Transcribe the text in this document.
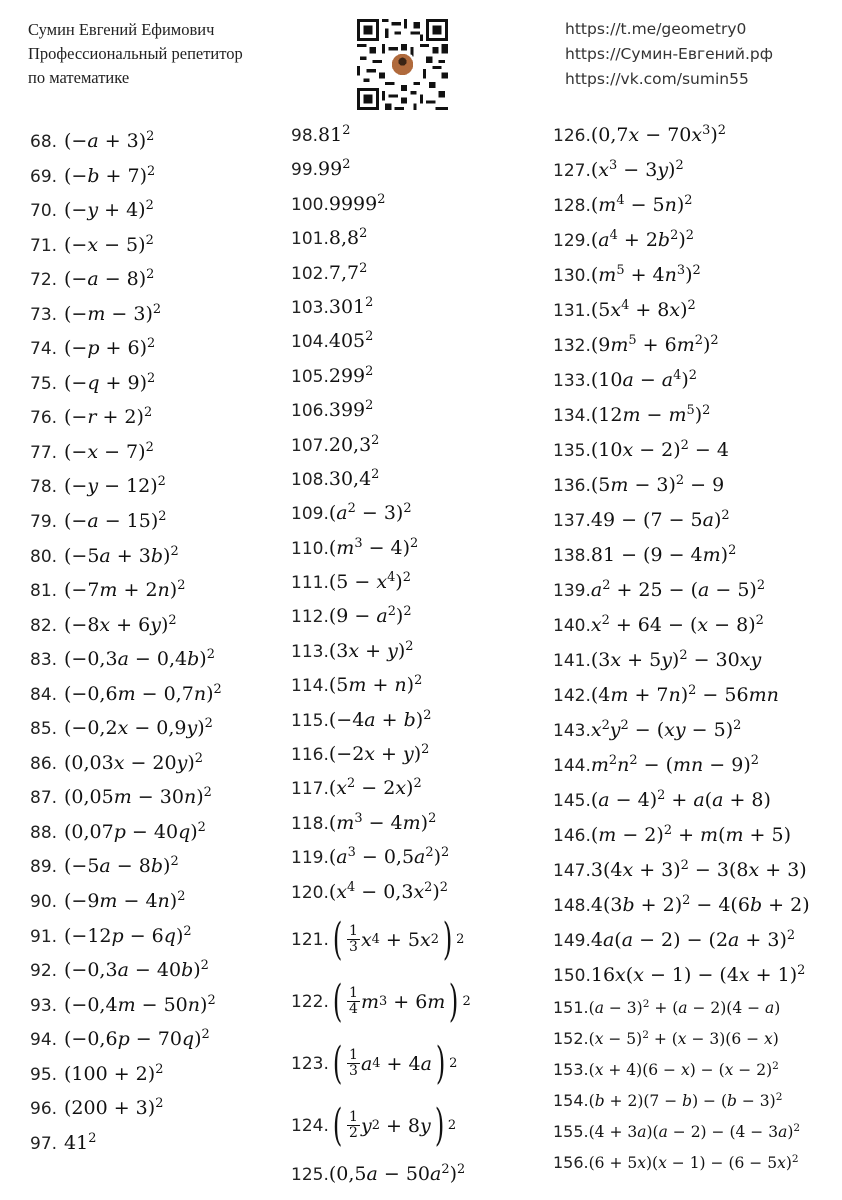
Сумин Евгений Ефимович
Профессиональный репетитор
по математике
https://t.me/geometry0
https://Сумин-Евгений.рф
https://vk.com/sumin55
68. $(-a + 3)^2$
69. $(-b + 7)^2$
70. $(-y + 4)^2$
71. $(-x - 5)^2$
72. $(-a - 8)^2$
73. $(-m - 3)^2$
74. $(-p + 6)^2$
75. $(-q + 9)^2$
76. $(-r + 2)^2$
77. $(-x - 7)^2$
78. $(-y - 12)^2$
79. $(-a - 15)^2$
80. $(-5a + 3b)^2$
81. $(-7m + 2n)^2$
82. $(-8x + 6y)^2$
83. $(-0,3a - 0,4b)^2$
84. $(-0,6m - 0,7n)^2$
85. $(-0,2x - 0,9y)^2$
86. $(0,03x - 20y)^2$
87. $(0,05m - 30n)^2$
88. $(0,07p - 40q)^2$
89. $(-5a - 8b)^2$
90. $(-9m - 4n)^2$
91. $(-12p - 6q)^2$
92. $(-0,3a - 40b)^2$
93. $(-0,4m - 50n)^2$
94. $(-0,6p - 70q)^2$
95. $(100 + 2)^2$
96. $(200 + 3)^2$
97. $41^2$
98. $81^2$
99. $99^2$
100. 9999$^2$
101. $8,8^2$
102. $7,7^2$
103. $301^2$
104. $405^2$
105. $299^2$
106. $399^2$
107. 20,3$^2$
108. 30,4$^2$
109. $(a^2 - 3)^2$
110. $(m^3 - 4)^2$
111. $(5 - x^4)^2$
112. $(9 - a^2)^2$
113. $(3x + y)^2$
114. $(5m + n)^2$
115. $(-4a + b)^2$
116. $(-2x + y)^2$
117. $(x^2 - 2x)^2$
118. $(m^3 - 4m)^2$
119. $(a^3 - 0,5a^2)^2$
120. $(x^4 - 0,3x^2)^2$
121. ( 1
3 x 4 + 5 x 2 ) 2
122. ( 1
4 m 3 + 6 m ) 2
123. ( 1
3 a 4 + 4 a ) 2
124. ( 1
2 y 2 + 8 y ) 2
125. $(0,5a - 50a^2)^2$
126. $(0,7x - 70x^3)^2$
127. $(x^3 - 3y)^2$
128. $(m^4 - 5n)^2$
129. $(a^4 + 2b^2)^2$
130. $(m^5 + 4n^3)^2$
131. $(5x^4 + 8x)^2$
132. $(9m^5 + 6m^2)^2$
133. $(10a - a^4)^2$
134. $(12m - m^5)^2$
135. $(10x - 2)^2 - 4$
136. $(5m - 3)^2 - 9$
137. $49 - (7 - 5a)^2$
138. $81 - (9 - 4m)^2$
139. $a^2 + 25 - (a - 5)^2$
140. $x^2 + 64 - (x - 8)^2$
141. $(3x + 5y)^2 - 30xy$
142. $(4m + 7n)^2 - 56mn$
143. $x^2y^2 - (xy - 5)^2$
144. $m^2n^2 - (mn - 9)^2$
145. $(a - 4)^2 + a(a + 8)$
146. $(m - 2)^2 + m(m + 5)$
147. $3(4x + 3)^2 - 3(8x + 3)$
148. $4(3b + 2)^2 - 4(6b + 2)$
149. $4a(a - 2) - (2a + 3)^2$
150. $16x(x - 1) - (4x + 1)^2$
151. $(a - 3)^2 + (a - 2)(4 - a)$
152. $(x - 5)^2 + (x - 3)(6 - x)$
153. $(x + 4)(6 - x) - (x - 2)^2$
154. $(b + 2)(7 - b) - (b - 3)^2$
155. $(4 + 3a)(a - 2) - (4 - 3a)^2$
156. $(6 + 5x)(x - 1) - (6 - 5x)^2$
